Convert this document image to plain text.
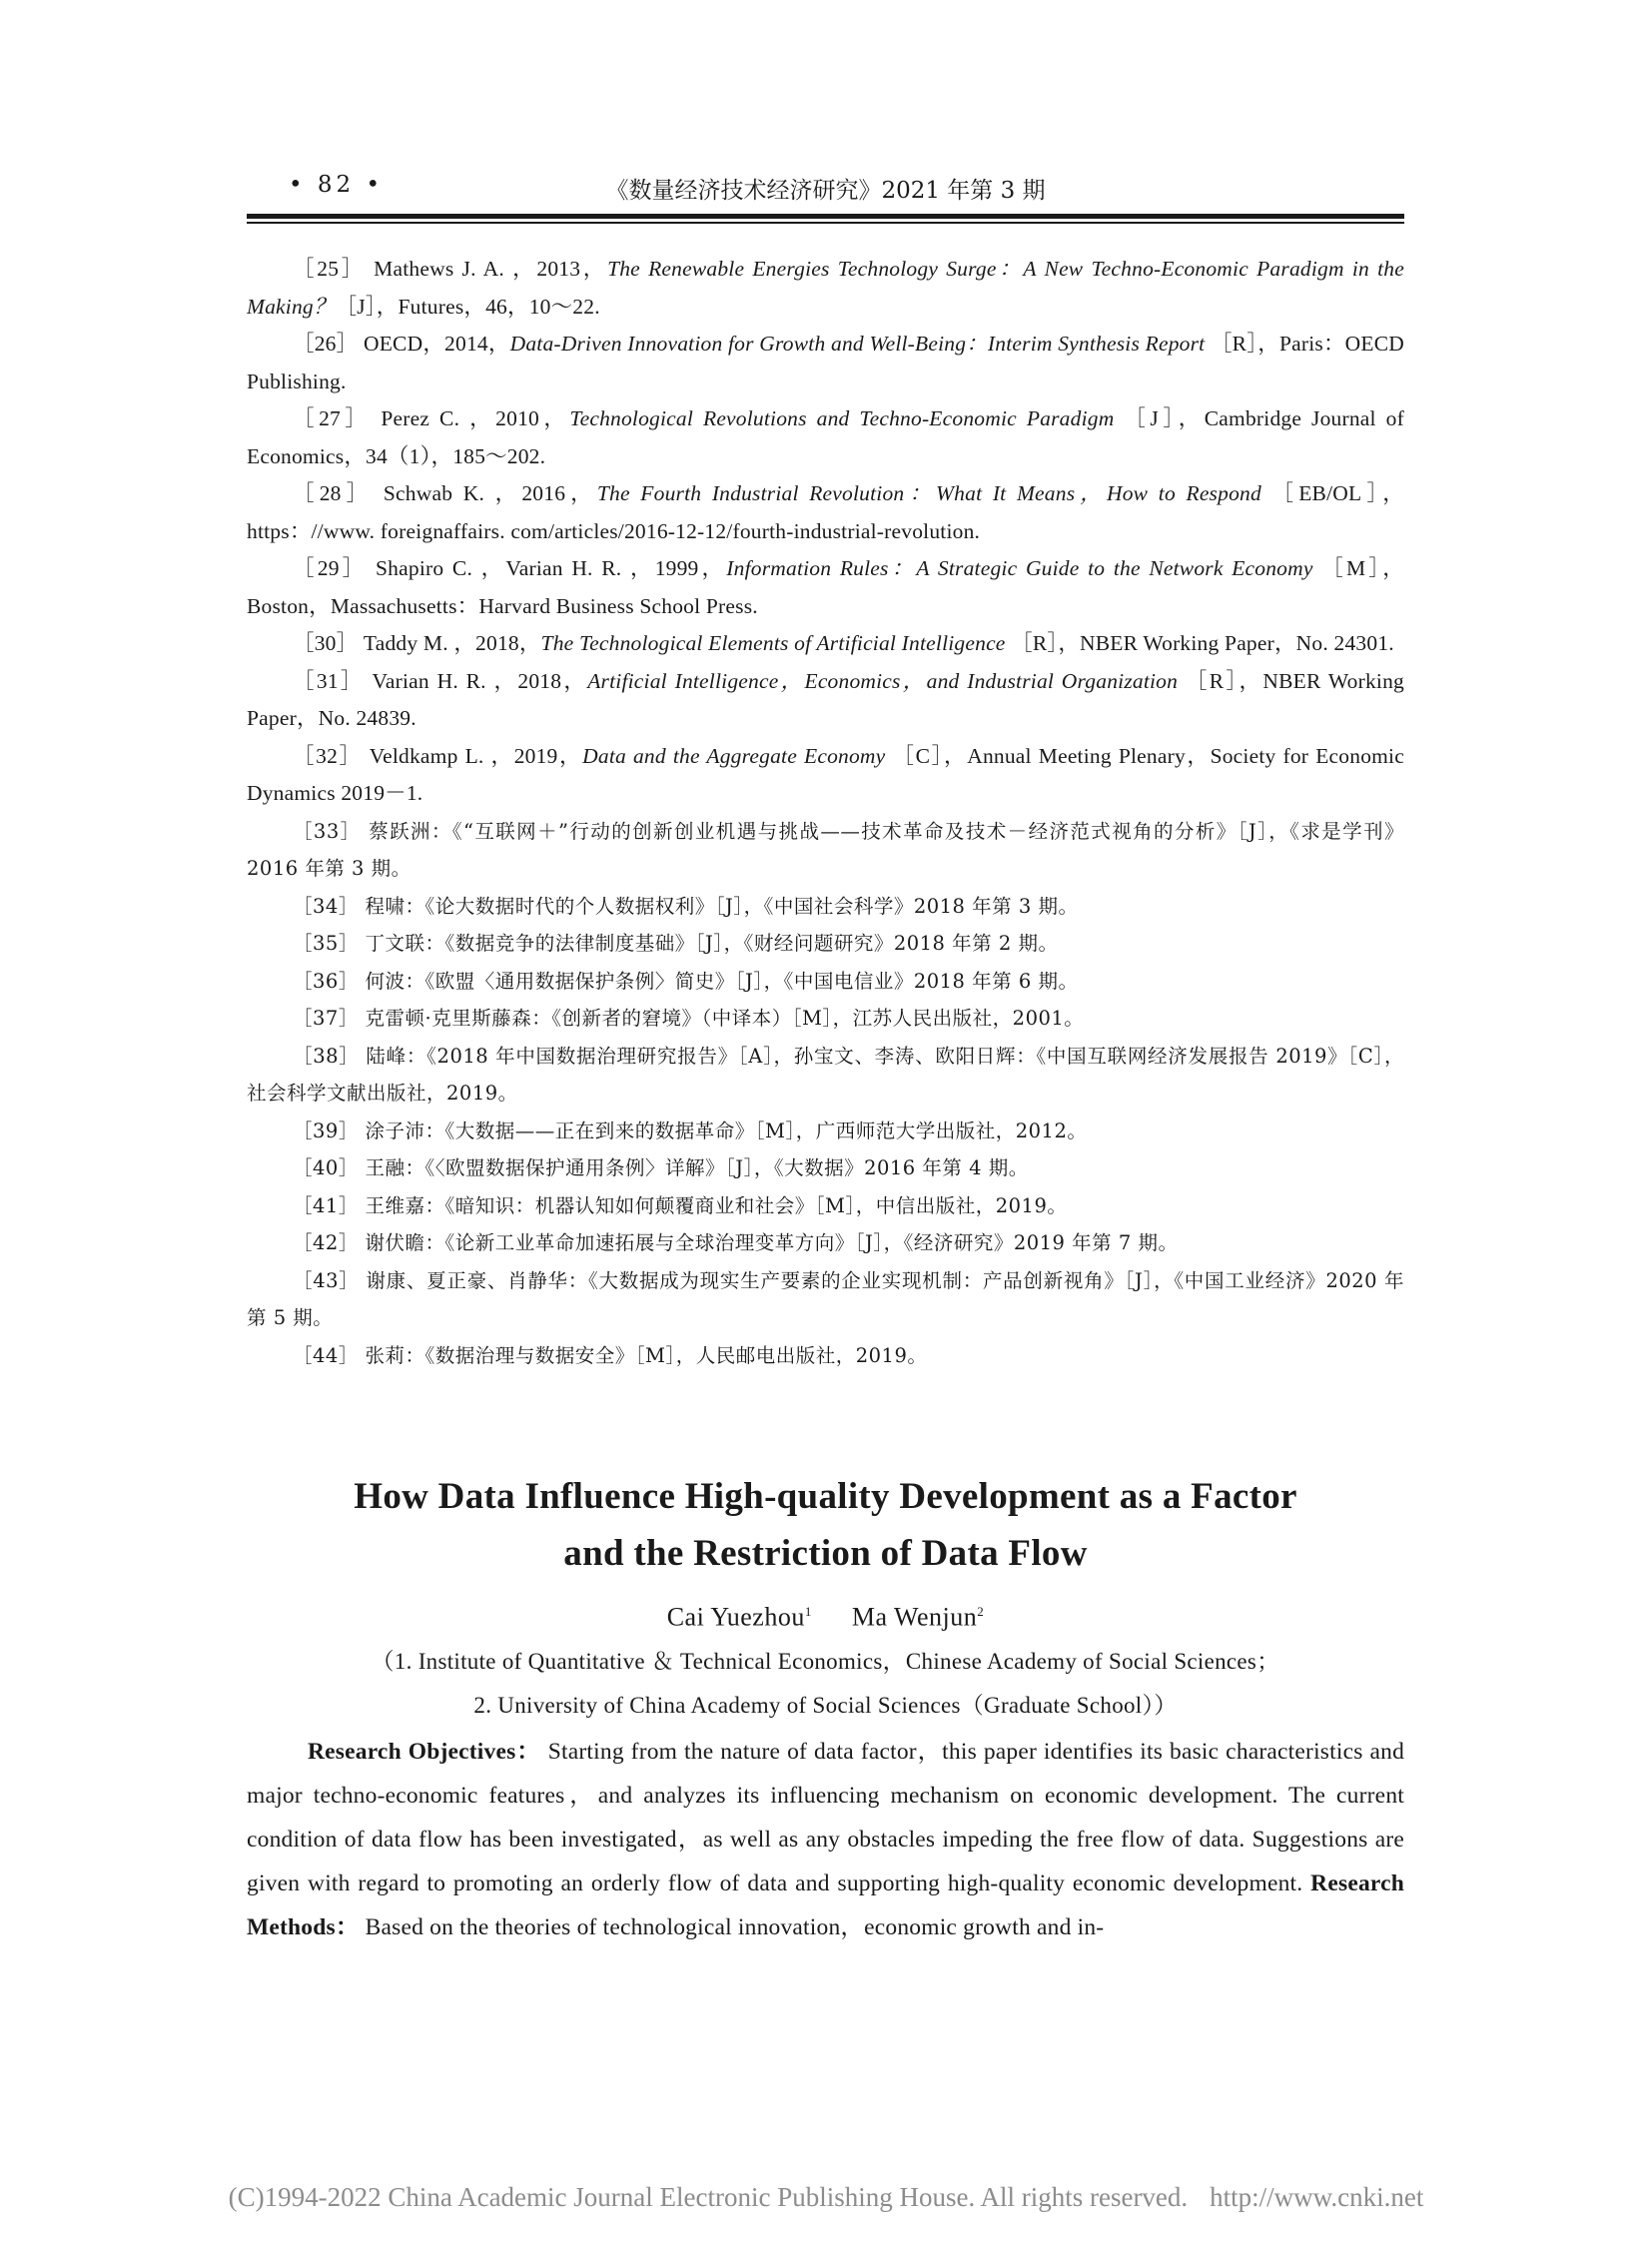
• 82 •	《数量经济技术经济研究》2021 年第 3 期

［25］ Mathews J. A. ，2013，The Renewable Energies Technology Surge：A New Techno-Economic Paradigm in the Making？［J］，Futures，46，10～22.

［26］ OECD，2014，Data-Driven Innovation for Growth and Well-Being：Interim Synthesis Report ［R］，Paris：OECD Publishing.

［27］ Perez C. ，2010，Technological Revolutions and Techno-Economic Paradigm ［J］，Cambridge Journal of Economics，34（1），185～202.

［28］ Schwab K. ，2016，The Fourth Industrial Revolution：What It Means，How to Respond ［EB/OL］，https：//www. foreignaffairs. com/articles/2016-12-12/fourth-industrial-revolution.

［29］ Shapiro C. ，Varian H. R. ，1999，Information Rules：A Strategic Guide to the Network Economy ［M］，Boston，Massachusetts：Harvard Business School Press.

［30］ Taddy M. ，2018，The Technological Elements of Artificial Intelligence ［R］，NBER Working Paper，No. 24301.

［31］ Varian H. R. ，2018，Artificial Intelligence，Economics，and Industrial Organization ［R］，NBER Working Paper，No. 24839.

［32］ Veldkamp L. ，2019，Data and the Aggregate Economy ［C］，Annual Meeting Plenary，Society for Economic Dynamics 2019－1.

［33］ 蔡跃洲：《“互联网＋”行动的创新创业机遇与挑战——技术革命及技术－经济范式视角的分析》［J］，《求是学刊》2016 年第 3 期。

［34］ 程啸：《论大数据时代的个人数据权利》［J］，《中国社会科学》2018 年第 3 期。

［35］ 丁文联：《数据竞争的法律制度基础》［J］，《财经问题研究》2018 年第 2 期。

［36］ 何波：《欧盟〈通用数据保护条例〉简史》［J］，《中国电信业》2018 年第 6 期。

［37］ 克雷顿·克里斯藤森：《创新者的窘境》（中译本）［M］，江苏人民出版社，2001。

［38］ 陆峰：《2018 年中国数据治理研究报告》［A］，孙宝文、李涛、欧阳日辉：《中国互联网经济发展报告 2019》［C］，社会科学文献出版社，2019。

［39］ 涂子沛：《大数据——正在到来的数据革命》［M］，广西师范大学出版社，2012。

［40］ 王融：《〈欧盟数据保护通用条例〉详解》［J］，《大数据》2016 年第 4 期。

［41］ 王维嘉：《暗知识：机器认知如何颠覆商业和社会》［M］，中信出版社，2019。

［42］ 谢伏瞻：《论新工业革命加速拓展与全球治理变革方向》［J］，《经济研究》2019 年第 7 期。

［43］ 谢康、夏正豪、肖静华：《大数据成为现实生产要素的企业实现机制：产品创新视角》［J］，《中国工业经济》2020 年第 5 期。

［44］ 张莉：《数据治理与数据安全》［M］，人民邮电出版社，2019。

How Data Influence High-quality Development as a Factor
and the Restriction of Data Flow

Cai Yuezhou$^1$ Ma Wenjun$^2$

（1. Institute of Quantitative ＆ Technical Economics，Chinese Academy of Social Sciences；
2. University of China Academy of Social Sciences（Graduate School））

Research Objectives： Starting from the nature of data factor，this paper identifies its basic characteristics and major techno-economic features，and analyzes its influencing mechanism on economic development. The current condition of data flow has been investigated，as well as any obstacles impeding the free flow of data. Suggestions are given with regard to promoting an orderly flow of data and supporting high-quality economic development. Research Methods： Based on the theories of technological innovation，economic growth and in-

(C)1994-2022 China Academic Journal Electronic Publishing House. All rights reserved. http://www.cnki.net
